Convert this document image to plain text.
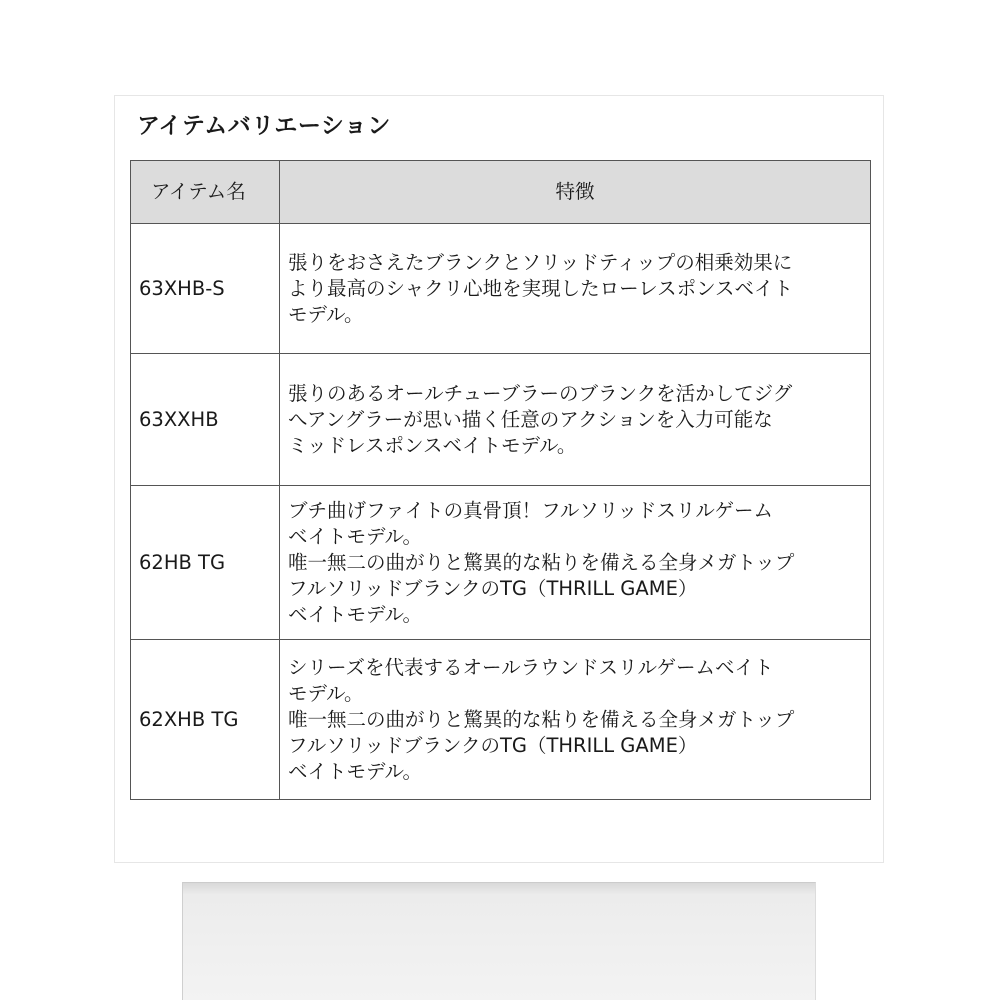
アイテムバリエーション
アイテム名	特徴
63XHB-S	張りをおさえたブランクとソリッドティップの相乗効果に
より最高のシャクリ心地を実現したローレスポンスベイト
モデル。

63XXHB	張りのあるオールチューブラーのブランクを活かしてジグ
へアングラーが思い描く任意のアクションを入力可能な
ミッドレスポンスベイトモデル。

62HB TG	ブチ曲げファイトの真骨頂！フルソリッドスリルゲーム
ベイトモデル。
唯一無二の曲がりと驚異的な粘りを備える全身メガトップ
フルソリッドブランクのTG（THRILL GAME）
ベイトモデル。

62XHB TG	シリーズを代表するオールラウンドスリルゲームベイト
モデル。
唯一無二の曲がりと驚異的な粘りを備える全身メガトップ
フルソリッドブランクのTG（THRILL GAME）
ベイトモデル。
